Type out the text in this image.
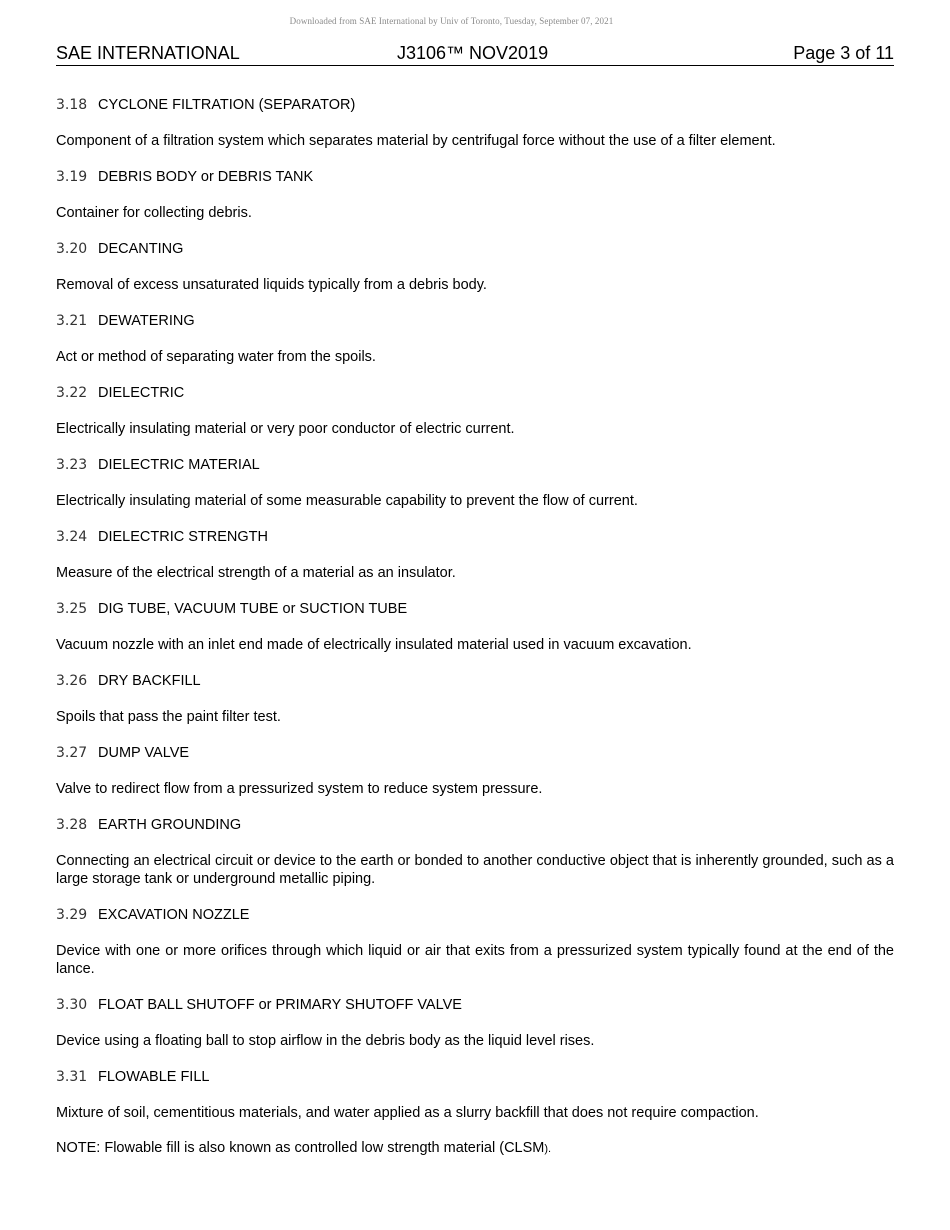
Downloaded from SAE International by Univ of Toronto, Tuesday, September 07, 2021
SAE INTERNATIONAL	J3106™ NOV2019	Page 3 of 11
3.18 CYCLONE FILTRATION (SEPARATOR)
Component of a filtration system which separates material by centrifugal force without the use of a filter element.
3.19 DEBRIS BODY or DEBRIS TANK
Container for collecting debris.
3.20 DECANTING
Removal of excess unsaturated liquids typically from a debris body.
3.21 DEWATERING
Act or method of separating water from the spoils.
3.22 DIELECTRIC
Electrically insulating material or very poor conductor of electric current.
3.23 DIELECTRIC MATERIAL
Electrically insulating material of some measurable capability to prevent the flow of current.
3.24 DIELECTRIC STRENGTH
Measure of the electrical strength of a material as an insulator.
3.25 DIG TUBE, VACUUM TUBE or SUCTION TUBE
Vacuum nozzle with an inlet end made of electrically insulated material used in vacuum excavation.
3.26 DRY BACKFILL
Spoils that pass the paint filter test.
3.27 DUMP VALVE
Valve to redirect flow from a pressurized system to reduce system pressure.
3.28 EARTH GROUNDING
Connecting an electrical circuit or device to the earth or bonded to another conductive object that is inherently grounded, such as a large storage tank or underground metallic piping.
3.29 EXCAVATION NOZZLE
Device with one or more orifices through which liquid or air that exits from a pressurized system typically found at the end of the lance.
3.30 FLOAT BALL SHUTOFF or PRIMARY SHUTOFF VALVE
Device using a floating ball to stop airflow in the debris body as the liquid level rises.
3.31 FLOWABLE FILL
Mixture of soil, cementitious materials, and water applied as a slurry backfill that does not require compaction.
NOTE: Flowable fill is also known as controlled low strength material (CLSM).
